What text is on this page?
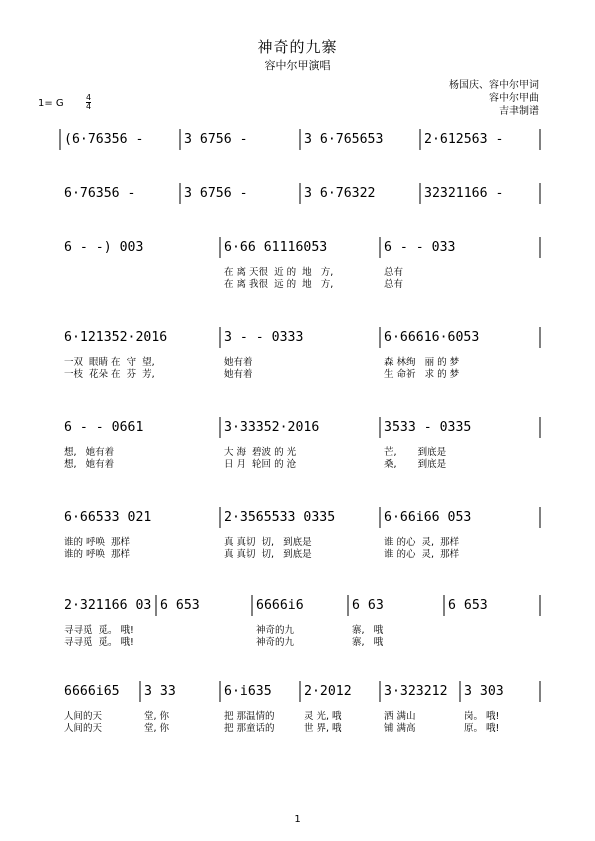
神奇的九寨
容中尔甲演唱
杨国庆、容中尔甲词
容中尔甲曲
吉聿制谱
1= G
4
4
(6·76356 -	3 6756 -	3 6·765653	2·612563 -
6·76356 -	3 6756 -	3 6·76322	32321166 -
6 - -) 003	6·66 61116053	6 - - 033
在 离 天很  近 的  地   方,	总有
在 离 我很  远 的  地   方,	总有
6·121352·2016	3 - - 0333	6·66616·6053
一双  眼睛 在  守  望,	她有着	森 林绚   丽 的 梦
一枝  花朵 在  芬  芳,	她有着	生 命祈   求 的 梦
6 - - 0661	3·33352·2016	3533 - 0335
想,   她有着	大 海  碧波 的 光	芒,       到底是
想,   她有着	日 月  轮回 的 沧	桑,       到底是
6·66533 021	2·3565533 0335	6·66i66 053
谁的 呼唤  那样	真 真切  切,   到底是	谁 的心  灵,  那样
谁的 呼唤  那样	真 真切  切,   到底是	谁 的心  灵,  那样
2·321166 03 6 653	6666i6	6 63	6 653
寻寻觅  觅。 哦!	神奇的九	寨,   哦
寻寻觅  觅。 哦!	神奇的九	寨,   哦
6666i65 3 33	6·i635 2·2012 3·323212 3 303
人间的天	堂, 你	把 那温情的	灵 光, 哦	洒 满山	岗。 哦!
人间的天	堂, 你	把 那童话的	世 界, 哦	铺 满高	原。 哦!
1
